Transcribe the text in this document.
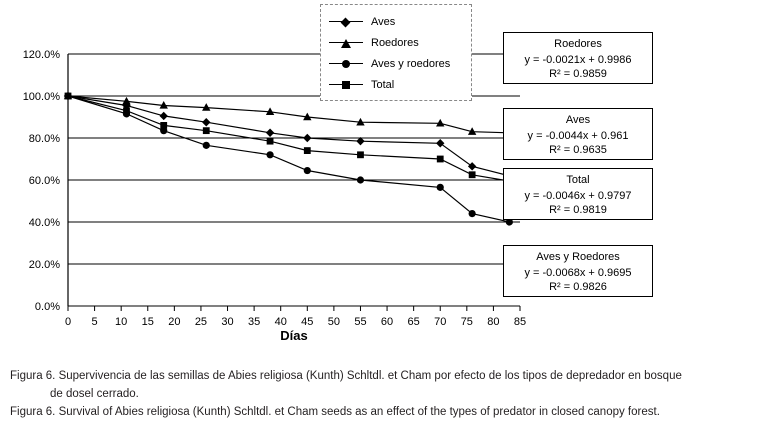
120.0%
100.0%
80.0%
60.0%
40.0%
20.0%
0.0%
0 5 10 15 20 25 30 35 40 45 50 55 60 65 70 75 80 85
Días
Aves
Roedores
Aves y roedores
Total
Roedores
y = -0.0021x + 0.9986
R² = 0.9859
Aves
y = -0.0044x + 0.961
R² = 0.9635
Total
y = -0.0046x + 0.9797
R² = 0.9819
Aves y Roedores
y = -0.0068x + 0.9695
R² = 0.9826

Figura 6. Supervivencia de las semillas de Abies religiosa (Kunth) Schltdl. et Cham por efecto de los tipos de depredador en bosque

de dosel cerrado.

Figura 6. Survival of Abies religiosa (Kunth) Schltdl. et Cham seeds as an effect of the types of predator in closed canopy forest.
